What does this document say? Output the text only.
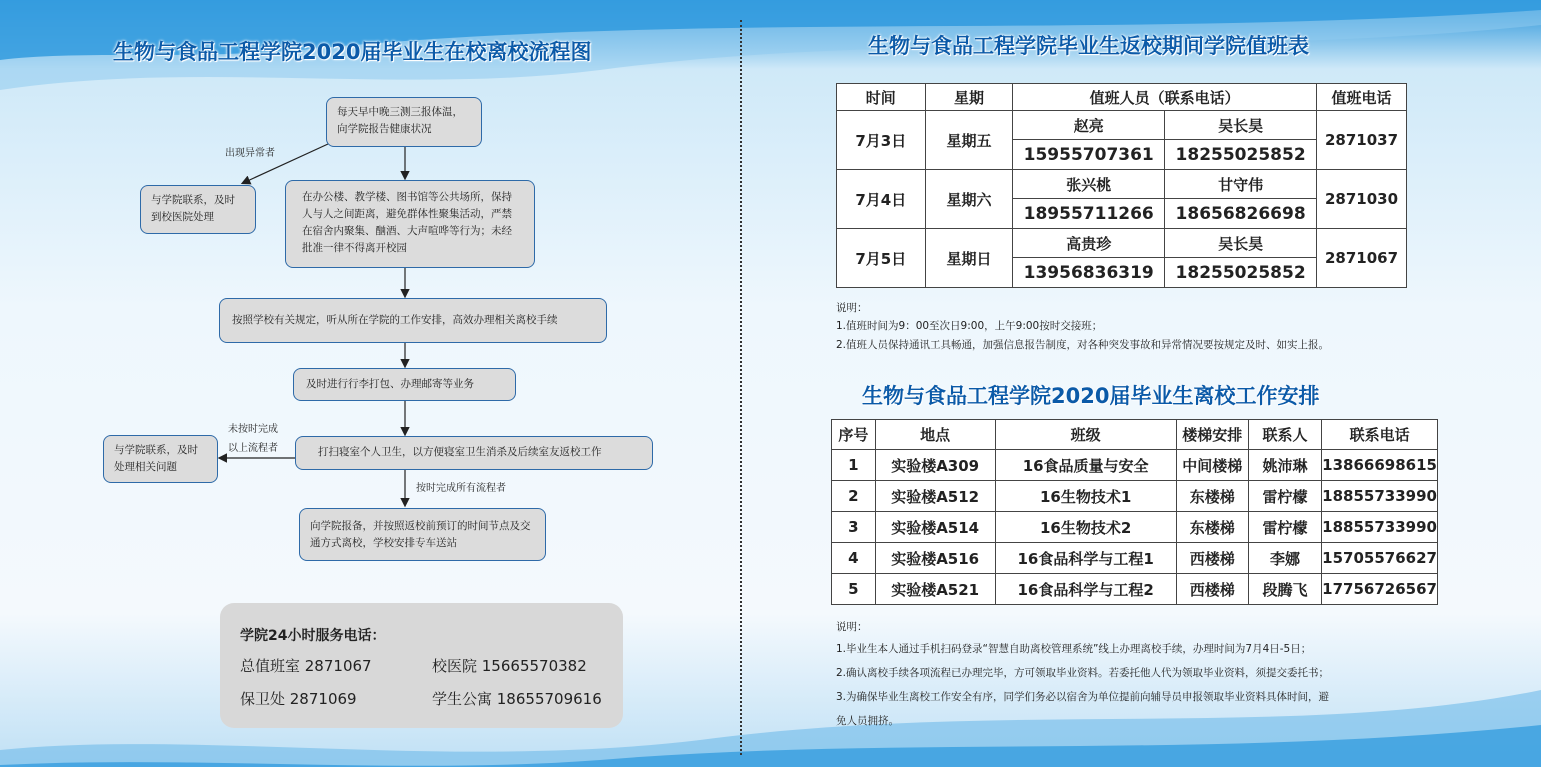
生物与食品工程学院2020届毕业生在校离校流程图
每天早中晚三测三报体温，向学院报告健康状况
出现异常者
与学院联系，及时到校医院处理
在办公楼、教学楼、图书馆等公共场所，保持人与人之间距离，避免群体性聚集活动，严禁在宿舍内聚集、酗酒、大声喧哗等行为；未经批准一律不得离开校园
按照学校有关规定，听从所在学院的工作安排，高效办理相关离校手续
及时进行行李打包、办理邮寄等业务
未按时完成
以上流程者
与学院联系，及时处理相关问题
打扫寝室个人卫生，以方便寝室卫生消杀及后续室友返校工作
按时完成所有流程者
向学院报备，并按照返校前预订的时间节点及交通方式离校，学校安排专车送站
学院24小时服务电话：
总值班室 2871067	校医院 15665570382
保卫处 2871069	学生公寓 18655709616
生物与食品工程学院毕业生返校期间学院值班表
时间	星期	值班人员（联系电话）		值班电话
7月3日	星期五	赵亮	吴长昊	2871037
		15955707361	18255025852	
7月4日	星期六	张兴桃	甘守伟	2871030
		18955711266	18656826698	
7月5日	星期日	高贵珍	吴长昊	2871067
		13956836319	18255025852	
说明：
1.值班时间为9：00至次日9:00，上午9:00按时交接班；
2.值班人员保持通讯工具畅通，加强信息报告制度，对各种突发事故和异常情况要按规定及时、如实上报。
生物与食品工程学院2020届毕业生离校工作安排
序号	地点	班级	楼梯安排	联系人	联系电话
1	实验楼A309	16食品质量与安全	中间楼梯	姚沛琳	13866698615
2	实验楼A512	16生物技术1	东楼梯	雷柠檬	18855733990
3	实验楼A514	16生物技术2	东楼梯	雷柠檬	18855733990
4	实验楼A516	16食品科学与工程1	西楼梯	李娜	15705576627
5	实验楼A521	16食品科学与工程2	西楼梯	段腾飞	17756726567
说明：
1.毕业生本人通过手机扫码登录“智慧自助离校管理系统”线上办理离校手续，办理时间为7月4日-5日；
2.确认离校手续各项流程已办理完毕，方可领取毕业资料。若委托他人代为领取毕业资料，须提交委托书；
3.为确保毕业生离校工作安全有序，同学们务必以宿舍为单位提前向辅导员申报领取毕业资料具体时间，避
免人员拥挤。
